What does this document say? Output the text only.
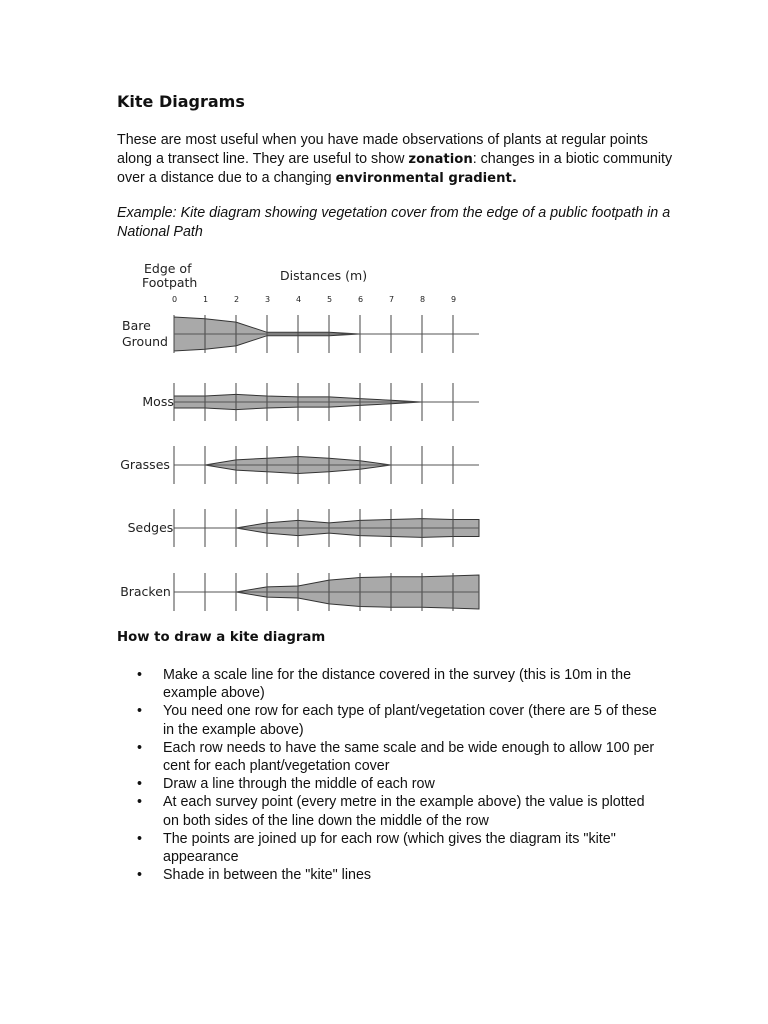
Kite Diagrams

These are most useful when you have made observations of plants at regular points along a transect line. They are useful to show zonation: changes in a biotic community over a distance due to a changing environmental gradient.

Example: Kite diagram showing vegetation cover from the edge of a public footpath in a National Path

Edge of
Footpath	Distances (m)
0	1	2	3	4	5	6	7	8	9
Bare
Ground
Moss
Grasses
Sedges
Bracken
How to draw a kite diagram
• Make a scale line for the distance covered in the survey (this is 10m in the example above)
• You need one row for each type of plant/vegetation cover (there are 5 of these in the example above)
• Each row needs to have the same scale and be wide enough to allow 100 per cent for each plant/vegetation cover
• Draw a line through the middle of each row
• At each survey point (every metre in the example above) the value is plotted on both sides of the line down the middle of the row
• The points are joined up for each row (which gives the diagram its "kite" appearance
• Shade in between the "kite" lines
